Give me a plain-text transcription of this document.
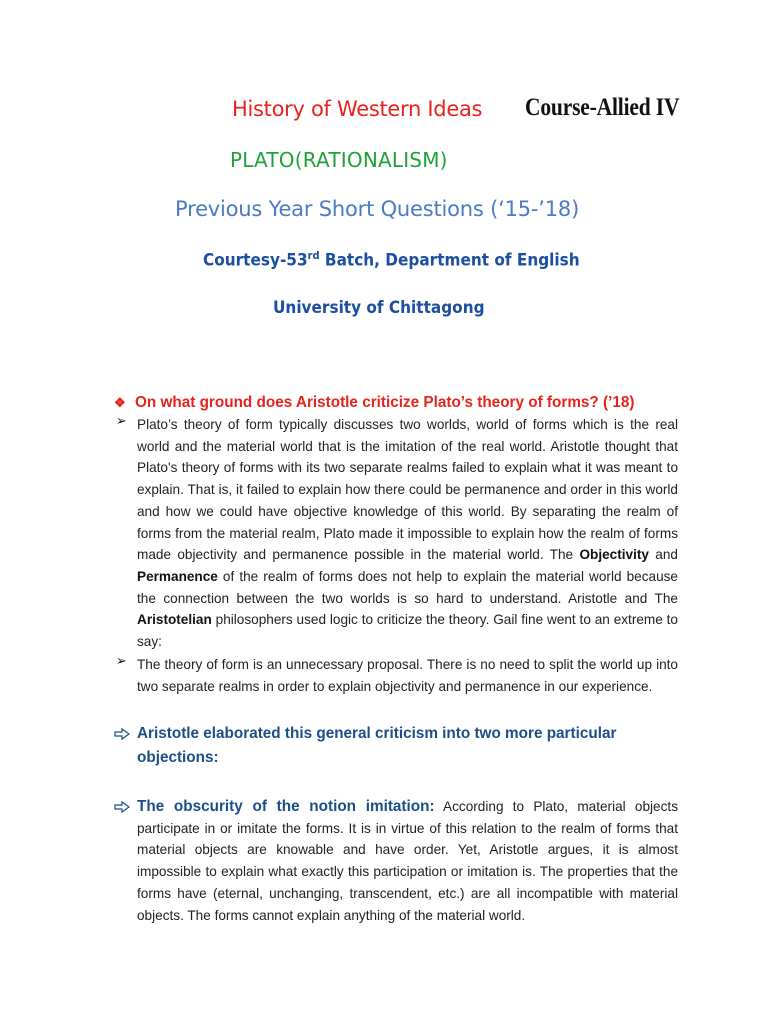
History of Western Ideas Course-Allied IV
PLATO(RATIONALISM)
Previous Year Short Questions (‘15-’18)
Courtesy-53rd Batch, Department of English
University of Chittagong
❖ On what ground does Aristotle criticize Plato’s theory of forms? (’18)
➢ Plato’s theory of form typically discusses two worlds, world of forms which is the real world and the material world that is the imitation of the real world. Aristotle thought that Plato's theory of forms with its two separate realms failed to explain what it was meant to explain. That is, it failed to explain how there could be permanence and order in this world and how we could have objective knowledge of this world. By separating the realm of forms from the material realm, Plato made it impossible to explain how the realm of forms made objectivity and permanence possible in the material world. The Objectivity and Permanence of the realm of forms does not help to explain the material world because the connection between the two worlds is so hard to understand. Aristotle and The Aristotelian philosophers used logic to criticize the theory. Gail fine went to an extreme to say:

➢ The theory of form is an unnecessary proposal. There is no need to split the world up into two separate realms in order to explain objectivity and permanence in our experience.

Aristotle elaborated this general criticism into two more particular objections:

The obscurity of the notion imitation: According to Plato, material objects participate in or imitate the forms. It is in virtue of this relation to the realm of forms that material objects are knowable and have order. Yet, Aristotle argues, it is almost impossible to explain what exactly this participation or imitation is. The properties that the forms have (eternal, unchanging, transcendent, etc.) are all incompatible with material objects. The forms cannot explain anything of the material world.
